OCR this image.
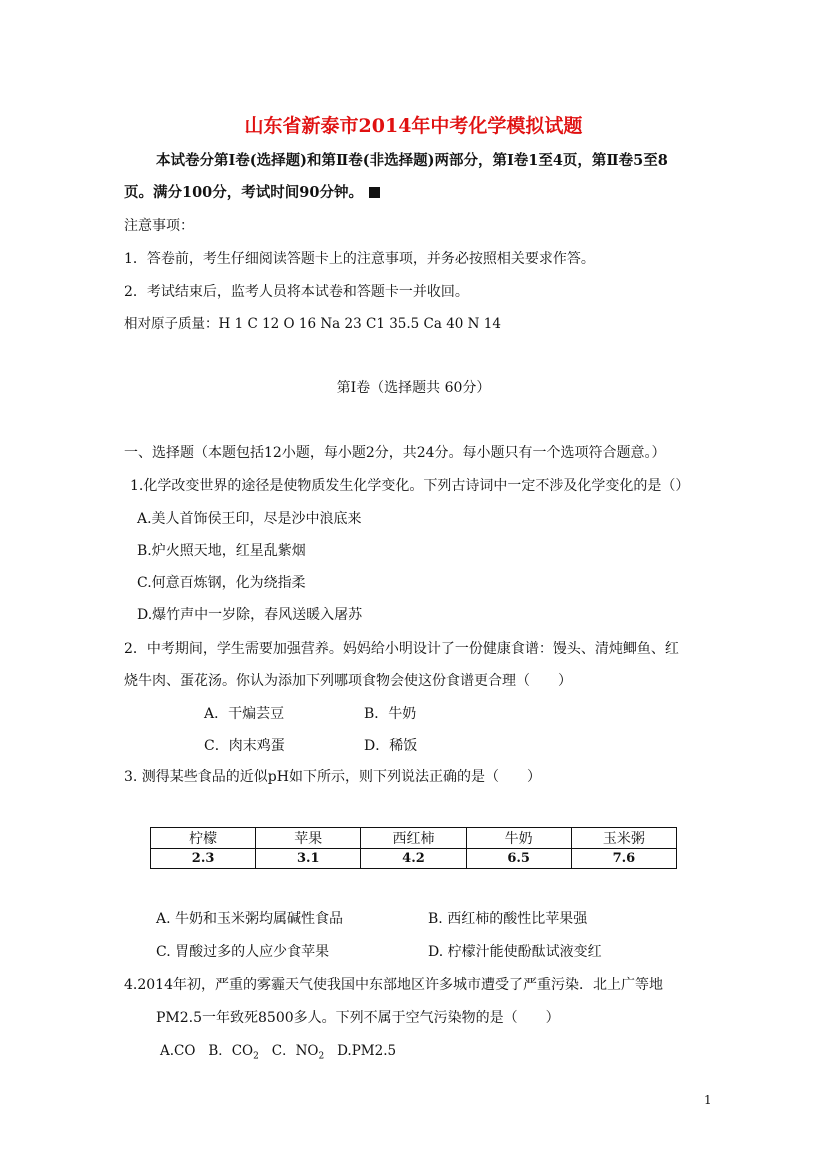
山东省新泰市2014年中考化学模拟试题
本试卷分第Ⅰ卷(选择题)和第Ⅱ卷(非选择题)两部分，第Ⅰ卷1至4页，第Ⅱ卷5至8
页。满分100分，考试时间90分钟。
注意事项：
1．答卷前，考生仔细阅读答题卡上的注意事项，并务必按照相关要求作答。
2．考试结束后，监考人员将本试卷和答题卡一并收回。
相对原子质量：H 1 C 12 O 16 Na 23 C1 35.5 Ca 40 N 14
第Ⅰ卷（选择题共 60分）
一、选择题（本题包括12小题，每小题2分，共24分。每小题只有一个选项符合题意。）
1.化学改变世界的途径是使物质发生化学变化。下列古诗词中一定不涉及化学变化的是（）
A.美人首饰侯王印，尽是沙中浪底来
B.炉火照天地，红星乱紫烟
C.何意百炼钢，化为绕指柔
D.爆竹声中一岁除，春风送暖入屠苏
2．中考期间，学生需要加强营养。妈妈给小明设计了一份健康食谱：馒头、清炖鲫鱼、红
烧牛肉、蛋花汤。你认为添加下列哪项食物会使这份食谱更合理（　　）
A．干煸芸豆	B．牛奶
C．肉末鸡蛋	D．稀饭
3. 测得某些食品的近似pH如下所示，则下列说法正确的是（　　）
柠檬	苹果	西红柿	牛奶	玉米粥
2.3	3.1	4.2	6.5	7.6
A. 牛奶和玉米粥均属碱性食品	B. 西红柿的酸性比苹果强
C. 胃酸过多的人应少食苹果	D. 柠檬汁能使酚酞试液变红
4.2014年初，严重的雾霾天气使我国中东部地区许多城市遭受了严重污染．北上广等地
PM2.5一年致死8500多人。下列不属于空气污染物的是（　　）
A.CO B．$CO_2$ C．$NO_2$ D.PM2.5
1
